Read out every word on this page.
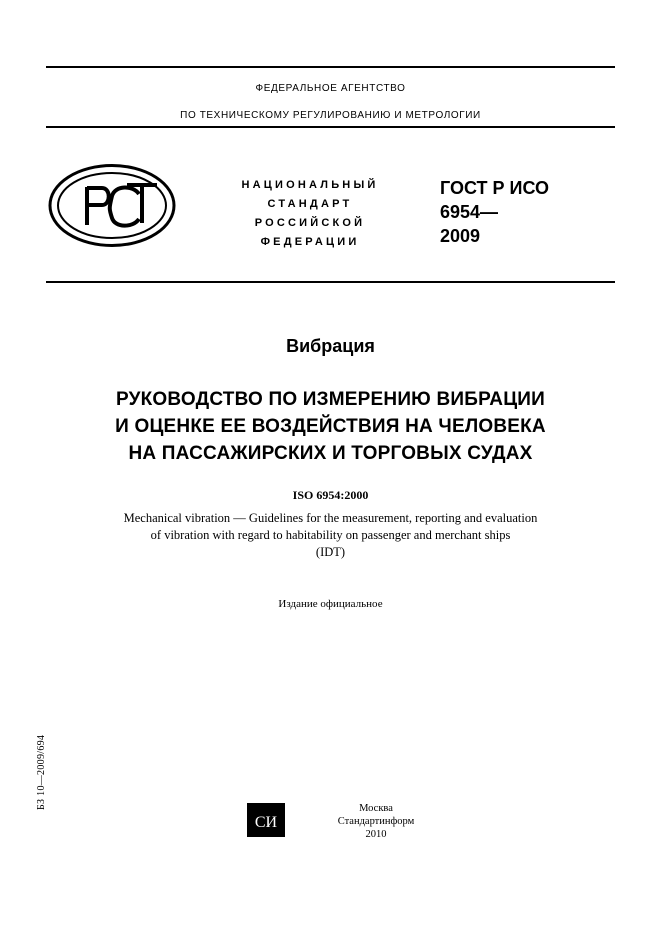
ФЕДЕРАЛЬНОЕ АГЕНТСТВО
ПО ТЕХНИЧЕСКОМУ РЕГУЛИРОВАНИЮ И МЕТРОЛОГИИ
НАЦИОНАЛЬНЫЙ
СТАНДАРТ
РОССИЙСКОЙ
ФЕДЕРАЦИИ
ГОСТ Р ИСО
6954—
2009
Вибрация
РУКОВОДСТВО ПО ИЗМЕРЕНИЮ ВИБРАЦИИ
И ОЦЕНКЕ ЕЕ ВОЗДЕЙСТВИЯ НА ЧЕЛОВЕКА
НА ПАССАЖИРСКИХ И ТОРГОВЫХ СУДАХ
ISO 6954:2000
Mechanical vibration — Guidelines for the measurement, reporting and evaluation
of vibration with regard to habitability on passenger and merchant ships
(IDT)
Издание официальное
БЗ 10—2009/694
СИ
Москва
Стандартинформ
2010
